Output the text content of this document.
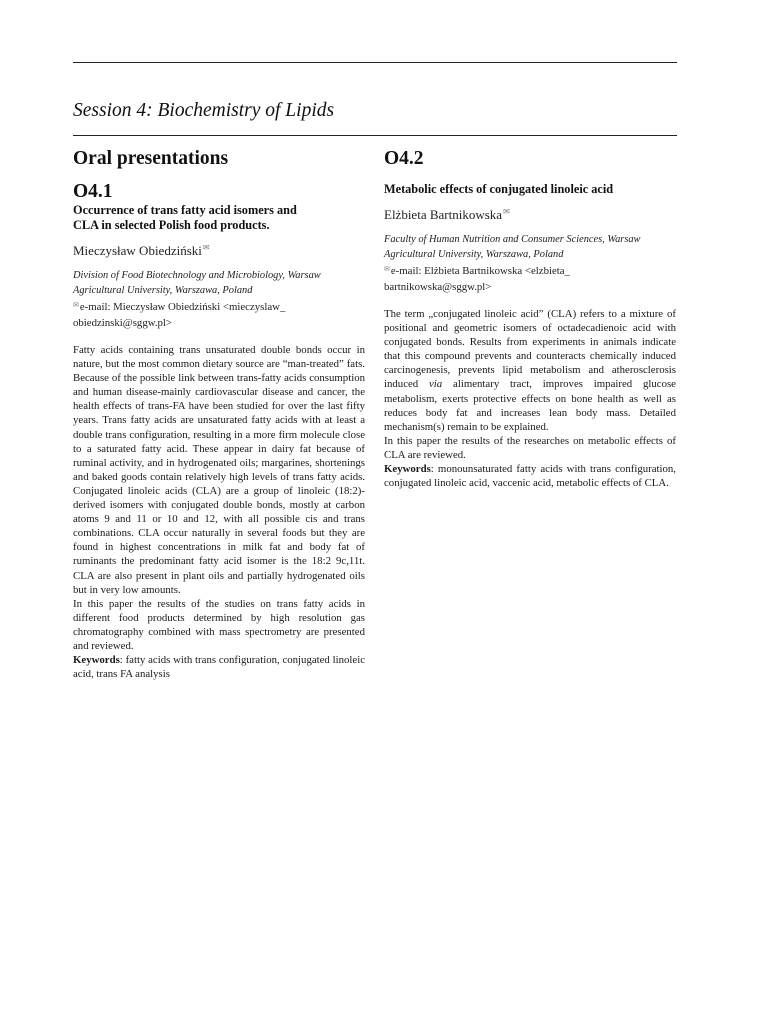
Session 4: Biochemistry of Lipids
Oral presentations
O4.1

Occurrence of trans fatty acid isomers and
CLA in selected Polish food products.

Mieczysław Obiedziński✉

Division of Food Biotechnology and Microbiology, Warsaw
Agricultural University, Warszawa, Poland

✉e-mail: Mieczysław Obiedziński <mieczyslaw_
obiedzinski@sggw.pl>

Fatty acids containing trans unsaturated double bonds occur in nature, but the most common dietary source are “man-treated” fats. Because of the possible link between trans-fatty acids consumption and human disease-mainly cardiovascular disease and cancer, the health effects of trans-FA have been studied for over the last fifty years. Trans fatty acids are unsaturated fatty acids with at least a double trans configuration, resulting in a more firm molecule close to a saturated fatty acid. These appear in dairy fat because of ruminal activity, and in hydrogenated oils; margarines, shortenings and baked goods contain relatively high levels of trans fatty acids. Conjugated linoleic acids (CLA) are a group of linoleic (18:2)-derived isomers with conjugated double bonds, mostly at carbon atoms 9 and 11 or 10 and 12, with all possible cis and trans combinations. CLA occur naturally in several foods but they are found in highest concentrations in milk fat and body fat of ruminants the predominant fatty acid isomer is the 18:2 9c,11t. CLA are also present in plant oils and partially hydrogenated oils but in very low amounts.
In this paper the results of the studies on trans fatty acids in different food products determined by high resolution gas chromatography combined with mass spectrometry are presented and reviewed.
Keywords: fatty acids with trans configuration, conjugated linoleic acid, trans FA analysis

O4.2

Metabolic effects of conjugated linoleic acid

Elżbieta Bartnikowska✉

Faculty of Human Nutrition and Consumer Sciences, Warsaw
Agricultural University, Warszawa, Poland

✉e-mail: Elżbieta Bartnikowska <elzbieta_
bartnikowska@sggw.pl>

The term „conjugated linoleic acid” (CLA) refers to a mixture of positional and geometric isomers of octadecadienoic acid with conjugated bonds. Results from experiments in animals indicate that this compound prevents and counteracts chemically induced carcinogenesis, prevents lipid metabolism and atherosclerosis induced via alimentary tract, improves impaired glucose metabolism, exerts protective effects on bone health as well as reduces body fat and increases lean body mass. Detailed mechanism(s) remain to be explained.
In this paper the results of the researches on metabolic effects of CLA are reviewed.
Keywords: monounsaturated fatty acids with trans configuration, conjugated linoleic acid, vaccenic acid, metabolic effects of CLA.
